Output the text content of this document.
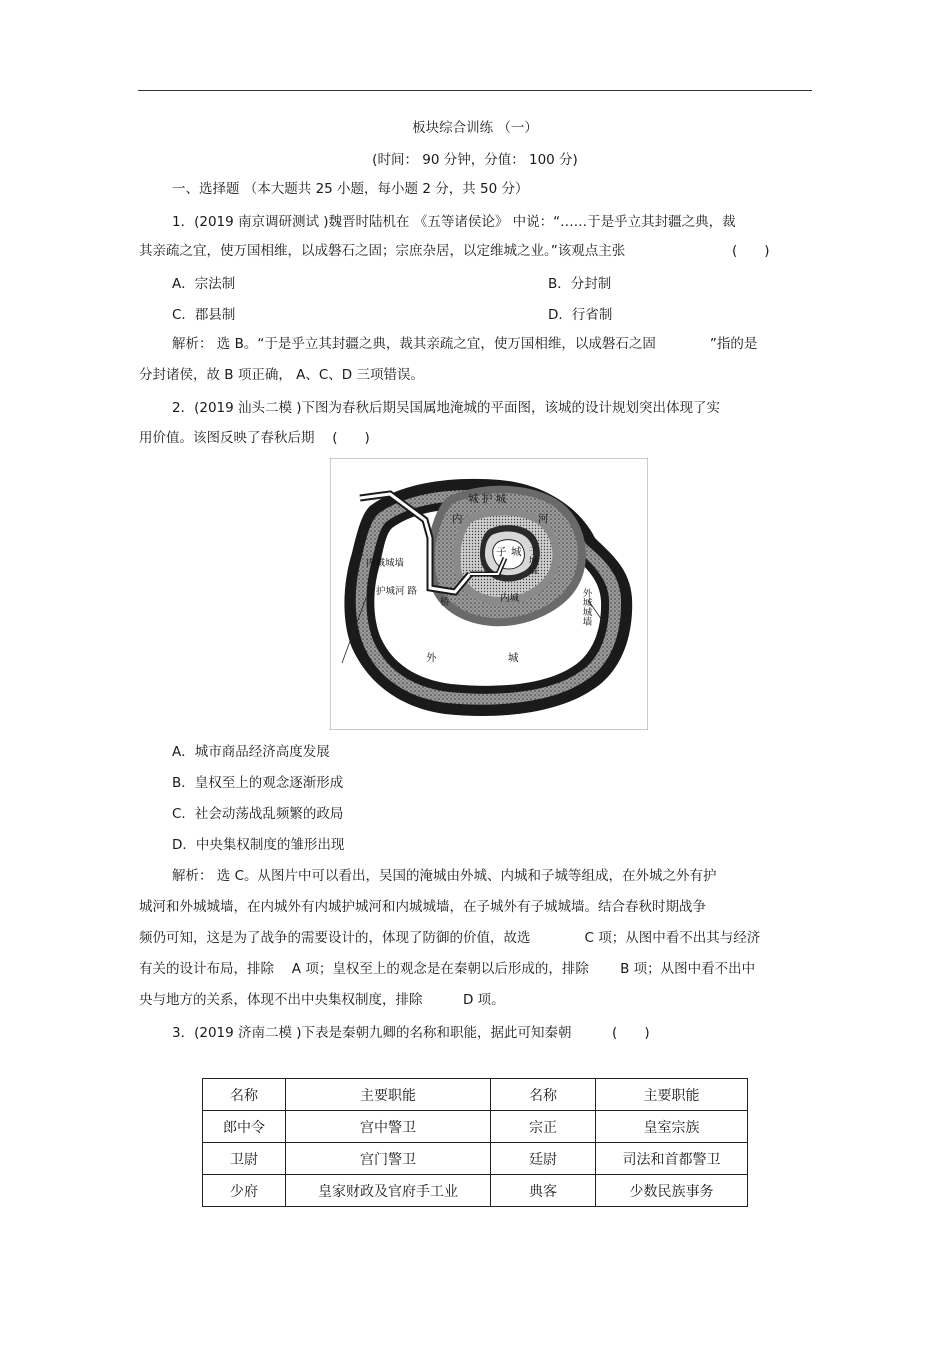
板块综合训练 （一）
(时间： 90 分钟，分值： 100 分)
一、选择题 （本大题共 25 小题，每小题 2 分，共 50 分）
1．(2019 南京调研测试 )魏晋时陆机在 《五等诸侯论》 中说：“……于是乎立其封疆之典，裁
其亲疏之宜，使万国相维，以成磐石之固；宗庶杂居，以定维城之业。”该观点主张	(　　)
A．宗法制	B．分封制
C．郡县制	D．行省制
解析： 选 B。“于是乎立其封疆之典，裁其亲疏之宜，使万国相维，以成磐石之固　　　　”指的是
分封诸侯，故 B 项正确， A、C、D 三项错误。
2．(2019 汕头二模 )下图为春秋后期吴国属地淹城的平面图，该城的设计规划突出体现了实
用价值。该图反映了春秋后期　 (　　)
城 护 城
内	河
子 城 子城墙
内城城墙
护城河 路
桥	内城	外城城墙
外	城
A．城市商品经济高度发展
B．皇权至上的观念逐渐形成
C．社会动荡战乱频繁的政局
D．中央集权制度的雏形出现
解析： 选 C。从图片中可以看出，吴国的淹城由外城、内城和子城等组成，在外城之外有护
城河和外城城墙，在内城外有内城护城河和内城城墙，在子城外有子城城墙。结合春秋时期战争
频仍可知，这是为了战争的需要设计的，体现了防御的价值，故选　　　　C 项；从图中看不出其与经济
有关的设计布局，排除　 A 项；皇权至上的观念是在秦朝以后形成的，排除　　 B 项；从图中看不出中
央与地方的关系，体现不出中央集权制度，排除　　　D 项。
3．(2019 济南二模 )下表是秦朝九卿的名称和职能，据此可知秦朝　　　(　　)
名称	主要职能	名称	主要职能
郎中令	宫中警卫	宗正	皇室宗族
卫尉	宫门警卫	廷尉	司法和首都警卫
少府	皇家财政及官府手工业	典客	少数民族事务
